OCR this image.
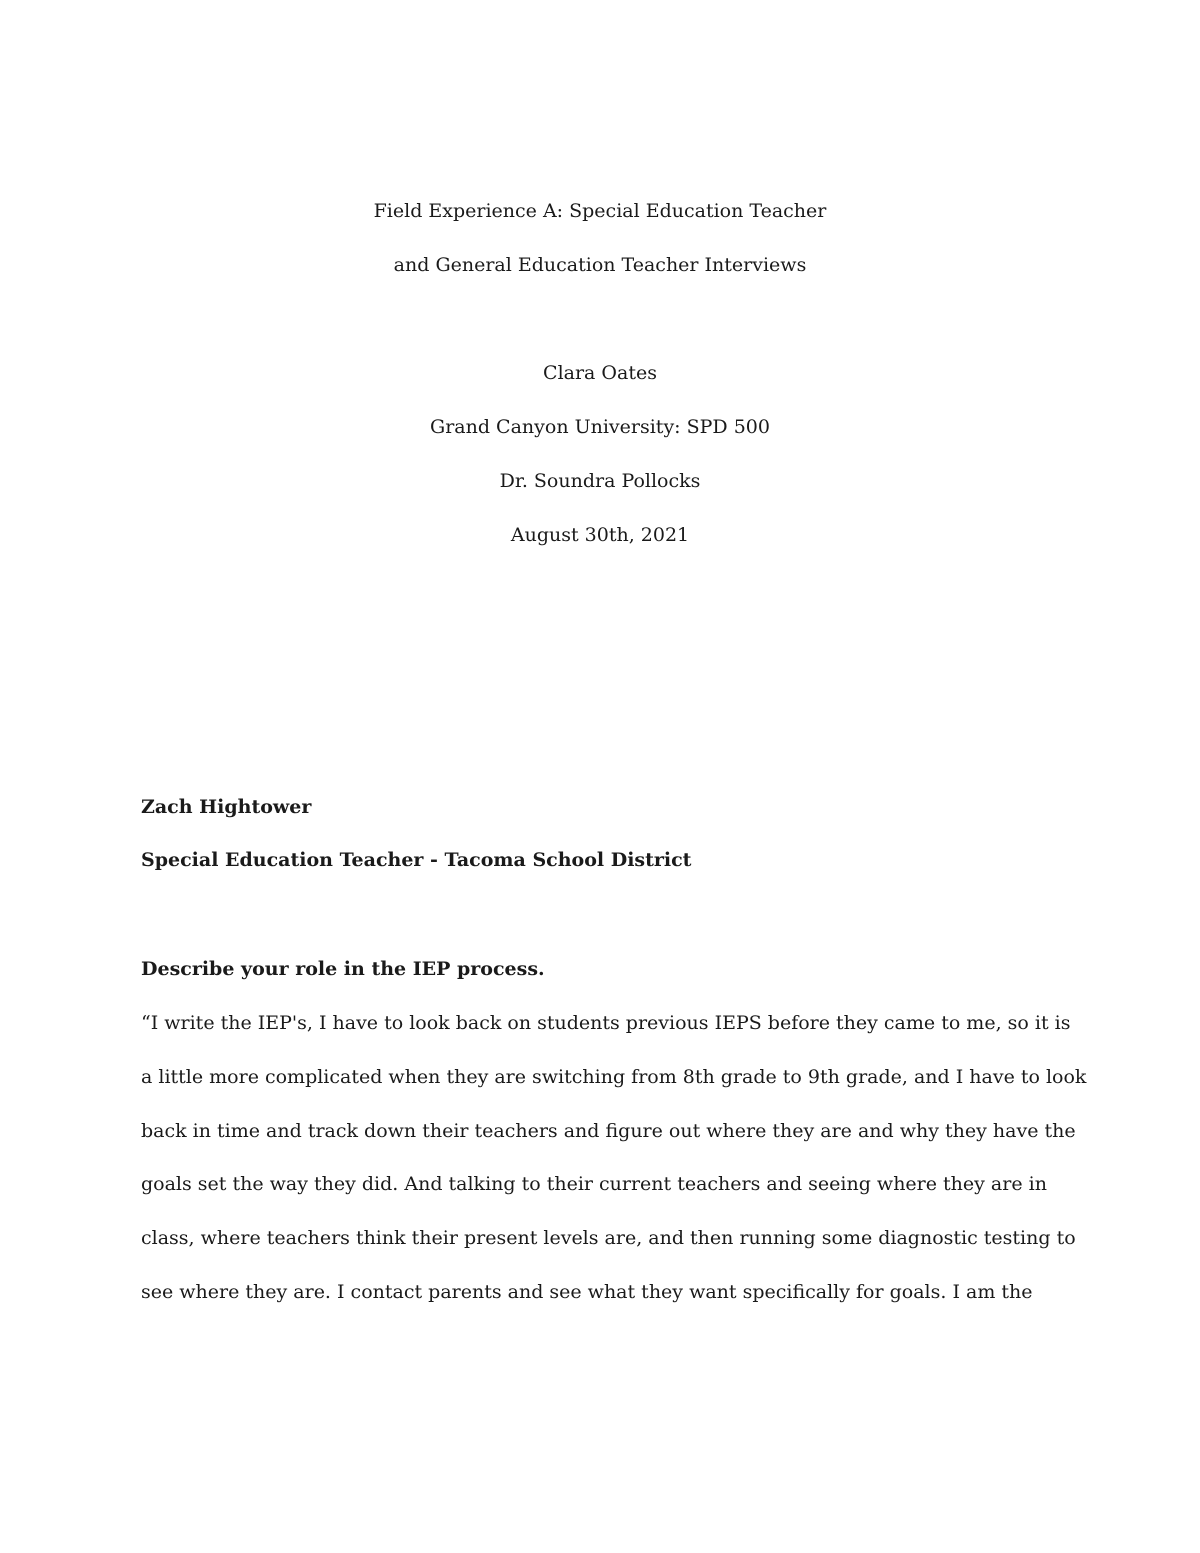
Field Experience A: Special Education Teacher
and General Education Teacher Interviews
Clara Oates
Grand Canyon University: SPD 500
Dr. Soundra Pollocks
August 30th, 2021
Zach Hightower
Special Education Teacher - Tacoma School District
Describe your role in the IEP process.
“I write the IEP's, I have to look back on students previous IEPS before they came to me, so it is
a little more complicated when they are switching from 8th grade to 9th grade, and I have to look
back in time and track down their teachers and figure out where they are and why they have the
goals set the way they did. And talking to their current teachers and seeing where they are in
class, where teachers think their present levels are, and then running some diagnostic testing to
see where they are. I contact parents and see what they want specifically for goals. I am the
